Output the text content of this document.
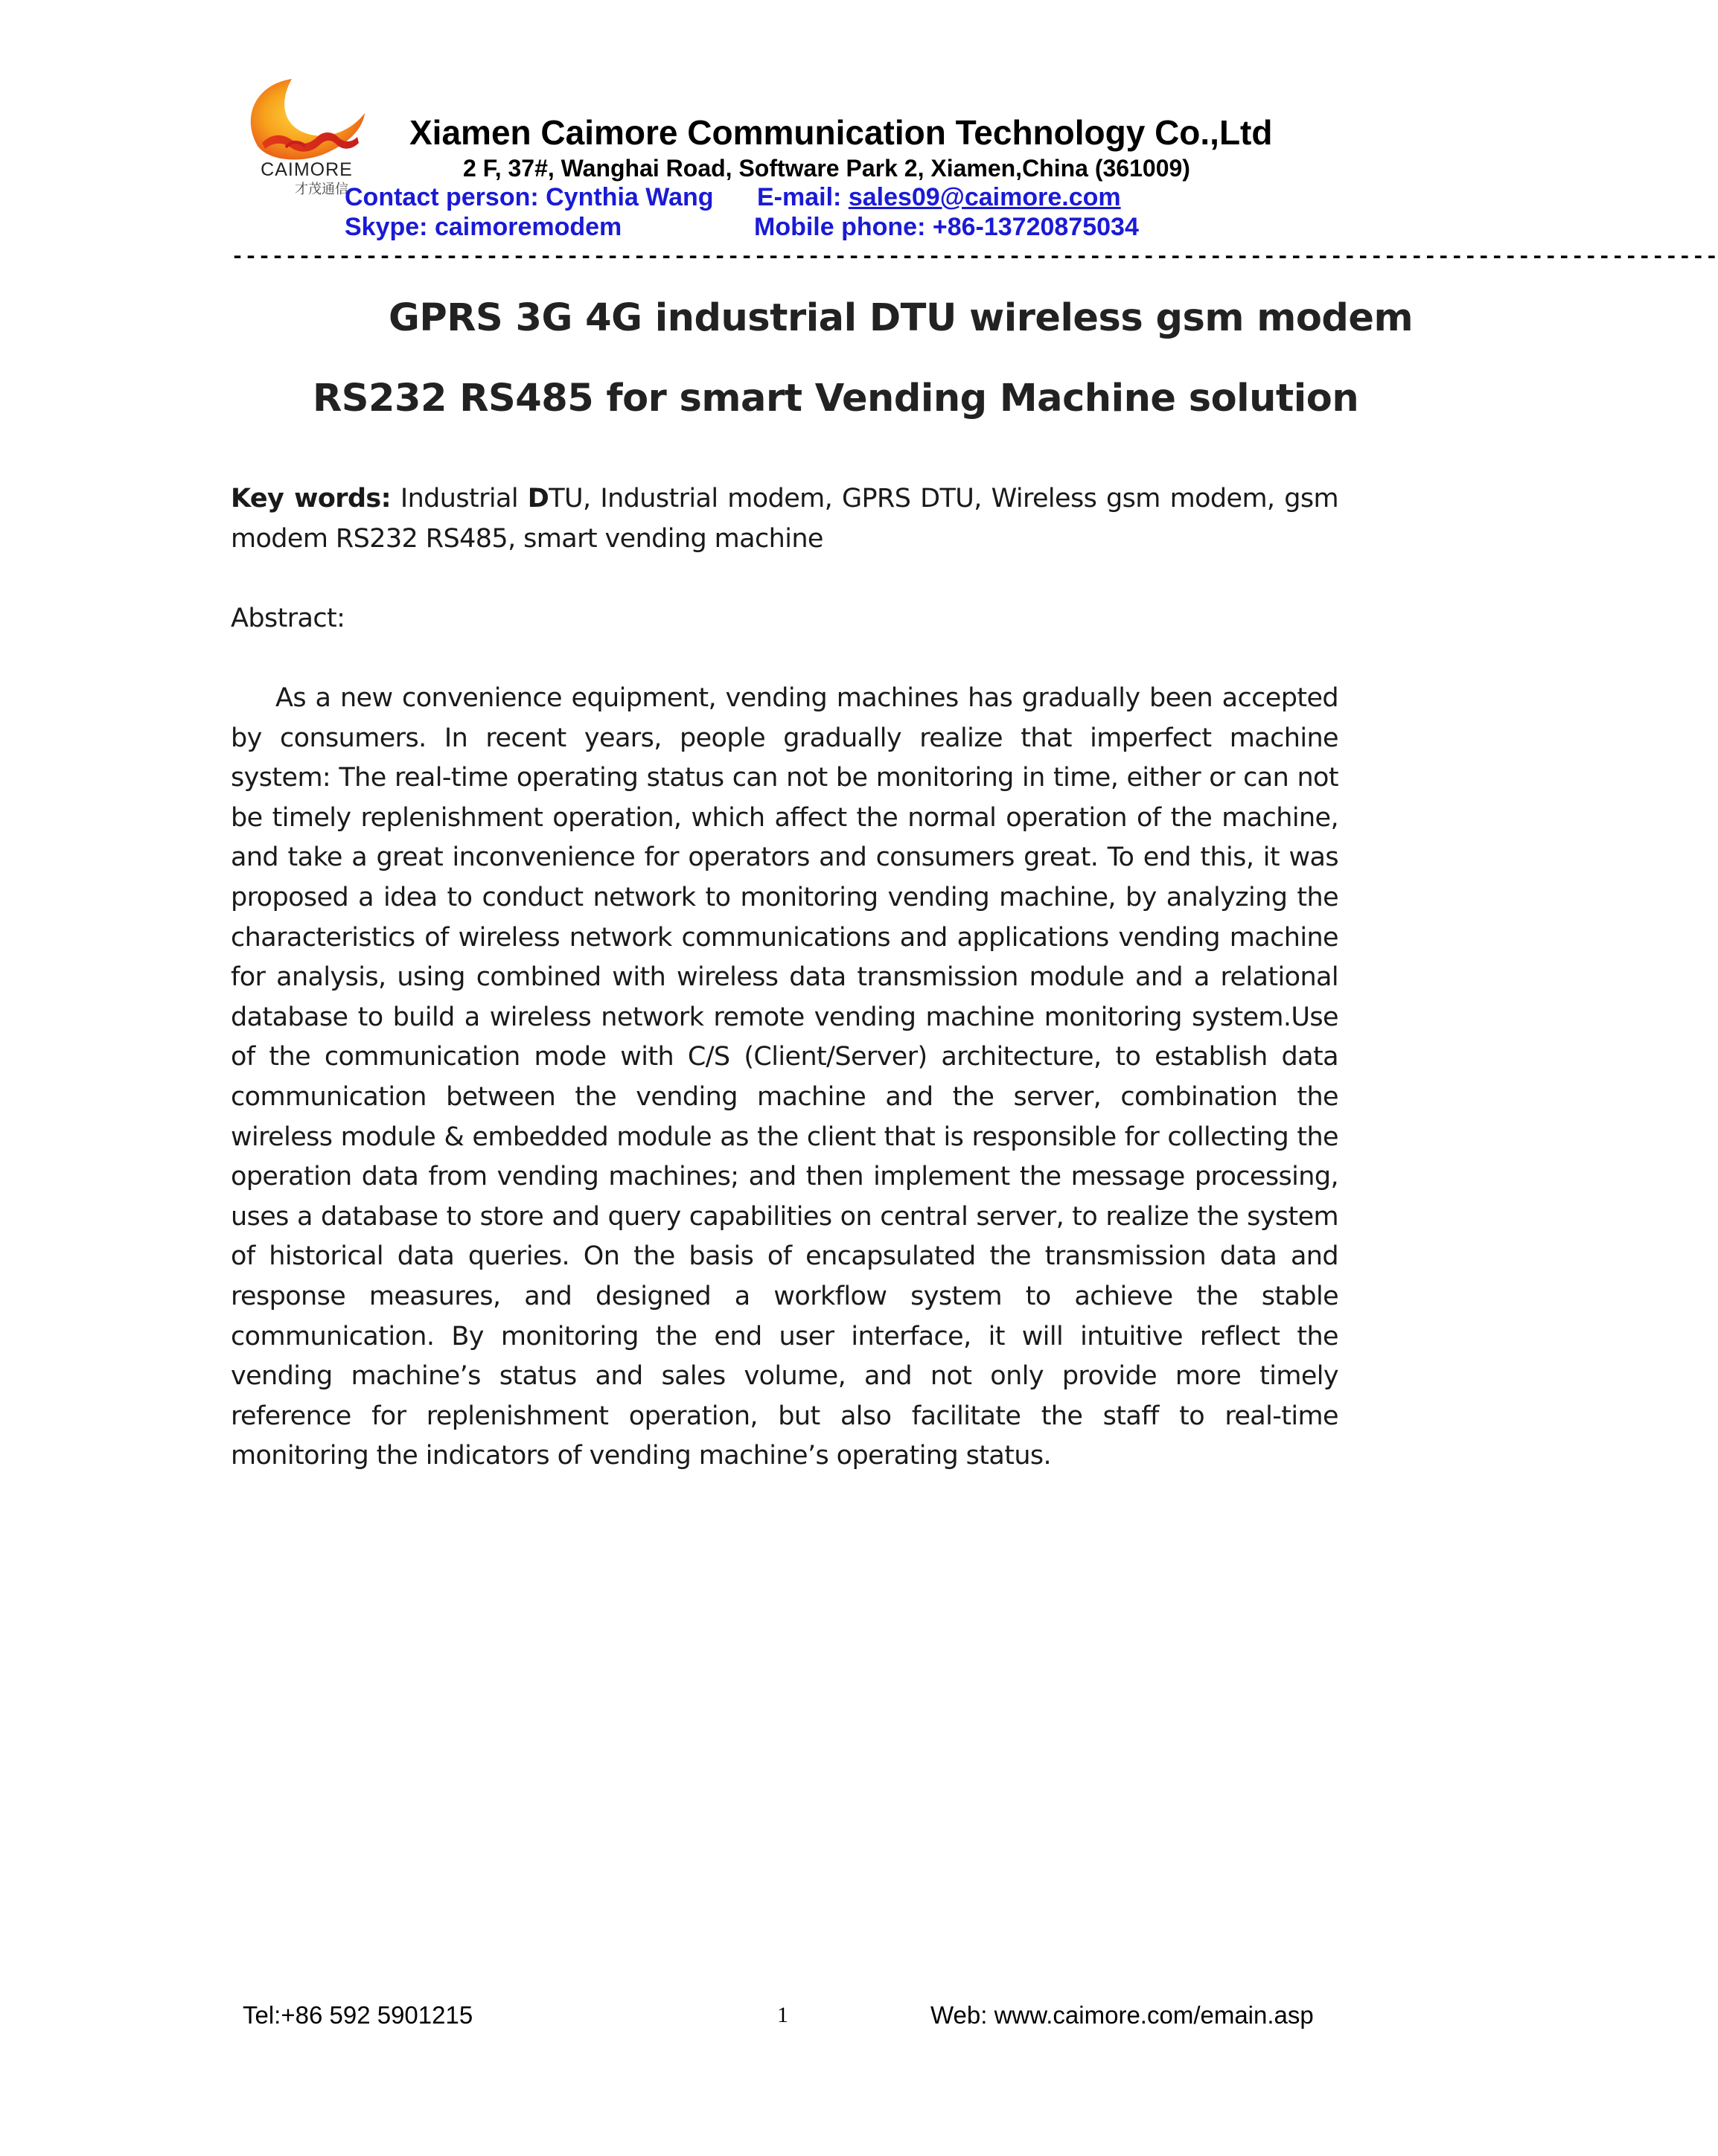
CAIMORE
才茂通信
Xiamen Caimore Communication Technology Co.,Ltd
2 F, 37#, Wanghai Road, Software Park 2, Xiamen,China (361009)
Contact person: Cynthia Wang E-mail: sales09@caimore.com
Skype: caimoremodem	Mobile phone: +86-13720875034
---------------------------------------------------------------------------------------------------------------
GPRS 3G 4G industrial DTU wireless gsm modem
RS232 RS485 for smart Vending Machine solution
Key words: Industrial DTU, Industrial modem, GPRS DTU, Wireless gsm modem, gsm modem RS232 RS485, smart vending machine
Abstract:
As a new convenience equipment, vending machines has gradually been accepted by consumers. In recent years, people gradually realize that imperfect machine system: The real-time operating status can not be monitoring in time, either or can not be timely replenishment operation, which affect the normal operation of the machine, and take a great inconvenience for operators and consumers great. To end this, it was proposed a idea to conduct network to monitoring vending machine, by analyzing the characteristics of wireless network communications and applications vending machine for analysis, using combined with wireless data transmission module and a relational database to build a wireless network remote vending machine monitoring system.Use of the communication mode with C/S (Client/Server) architecture, to establish data communication between the vending machine and the server, combination the wireless module & embedded module as the client that is responsible for collecting the operation data from vending machines; and then implement the message processing, uses a database to store and query capabilities on central server, to realize the system of historical data queries. On the basis of encapsulated the transmission data and response measures, and designed a workflow system to achieve the stable communication. By monitoring the end user interface, it will intuitive reflect the vending machine’s status and sales volume, and not only provide more timely reference for replenishment operation, but also facilitate the staff to real-time monitoring the indicators of vending machine’s operating status.
Tel:+86 592 5901215	1	Web: www.caimore.com/emain.asp
